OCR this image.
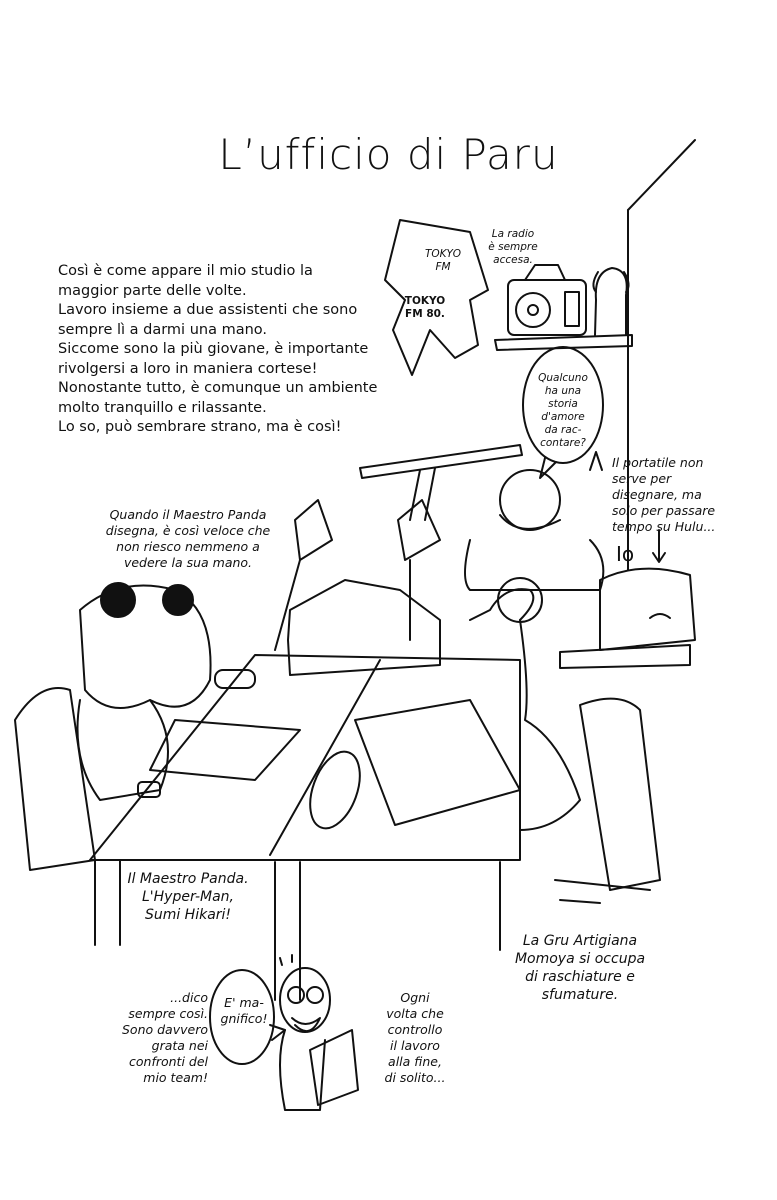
L’ufficio di Paru
Così è come appare il mio studio la
maggior parte delle volte.
Lavoro insieme a due assistenti che sono
sempre lì a darmi una mano.
Siccome sono la più giovane, è importante
rivolgersi a loro in maniera cortese!
Nonostante tutto, è comunque un ambiente
molto tranquillo e rilassante.
Lo so, può sembrare strano, ma è così!
La radio
è sempre
accesa.
TOKYO
FM
TOKYO
FM 80.
Qualcuno
ha una
storia
d'amore
da rac-
contare?
Il portatile non
serve per
disegnare, ma
solo per passare
tempo su Hulu...
Io
Quando il Maestro Panda
disegna, è così veloce che
non riesco nemmeno a
vedere la sua mano.
Il Maestro Panda.
L'Hyper-Man,
Sumi Hikari!
La Gru Artigiana
Momoya si occupa
di raschiature e
sfumature.
...dico
sempre così.
Sono davvero
grata nei
confronti del
mio team!
E' ma-
gnifico!
Ogni
volta che
controllo
il lavoro
alla fine,
di solito...
